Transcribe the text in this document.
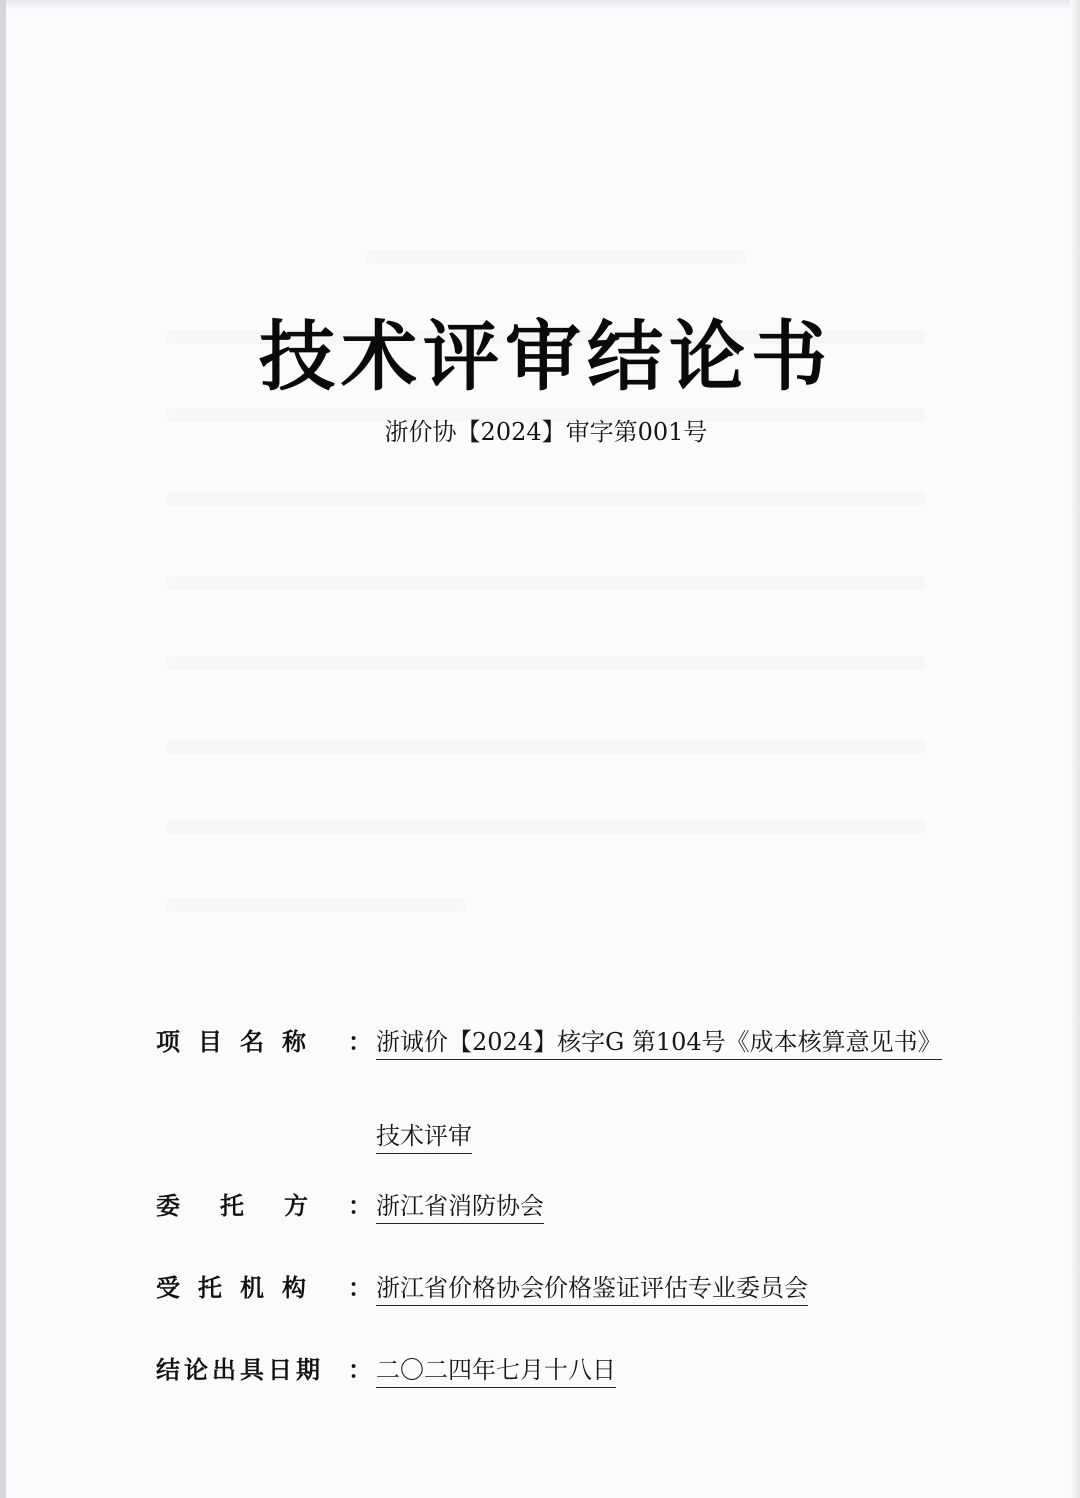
技术评审结论书

浙价协【2024】审字第001号

项目名称	： 浙诚价【2024】核字G 第104号《成本核算意见书》
技术评审
委托方 ： 浙江省消防协会
受托机构	： 浙江省价格协会价格鉴证评估专业委员会
结论出具日期	： 二〇二四年七月十八日
